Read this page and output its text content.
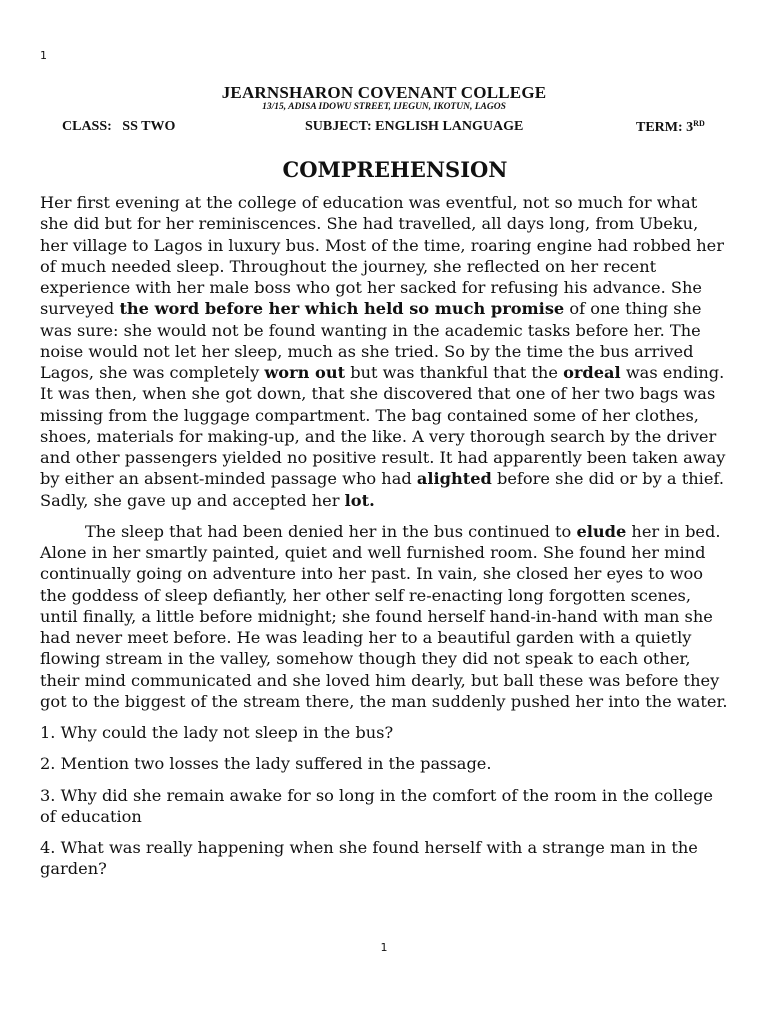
1
JEARNSHARON COVENANT COLLEGE
13/15, ADISA IDOWU STREET, IJEGUN, IKOTUN, LAGOS
CLASS: SS TWO	SUBJECT: ENGLISH LANGUAGE	TERM: 3RD
COMPREHENSION

Her first evening at the college of education was eventful, not so much for what she did but for her reminiscences. She had travelled, all days long, from Ubeku, her village to Lagos in luxury bus. Most of the time, roaring engine had robbed her of much needed sleep. Throughout the journey, she reflected on her recent experience with her male boss who got her sacked for refusing his advance. She surveyed the word before her which held so much promise of one thing she was sure: she would not be found wanting in the academic tasks before her. The noise would not let her sleep, much as she tried. So by the time the bus arrived Lagos, she was completely worn out but was thankful that the ordeal was ending. It was then, when she got down, that she discovered that one of her two bags was missing from the luggage compartment. The bag contained some of her clothes, shoes, materials for making-up, and the like. A very thorough search by the driver and other passengers yielded no positive result. It had apparently been taken away by either an absent-minded passage who had alighted before she did or by a thief. Sadly, she gave up and accepted her lot.

The sleep that had been denied her in the bus continued to elude her in bed. Alone in her smartly painted, quiet and well furnished room. She found her mind continually going on adventure into her past. In vain, she closed her eyes to woo the goddess of sleep defiantly, her other self re-enacting long forgotten scenes, until finally, a little before midnight; she found herself hand-in-hand with man she had never meet before. He was leading her to a beautiful garden with a quietly flowing stream in the valley, somehow though they did not speak to each other, their mind communicated and she loved him dearly, but ball these was before they got to the biggest of the stream there, the man suddenly pushed her into the water.

1. Why could the lady not sleep in the bus?

2. Mention two losses the lady suffered in the passage.

3. Why did she remain awake for so long in the comfort of the room in the college of education

4. What was really happening when she found herself with a strange man in the garden?

1
